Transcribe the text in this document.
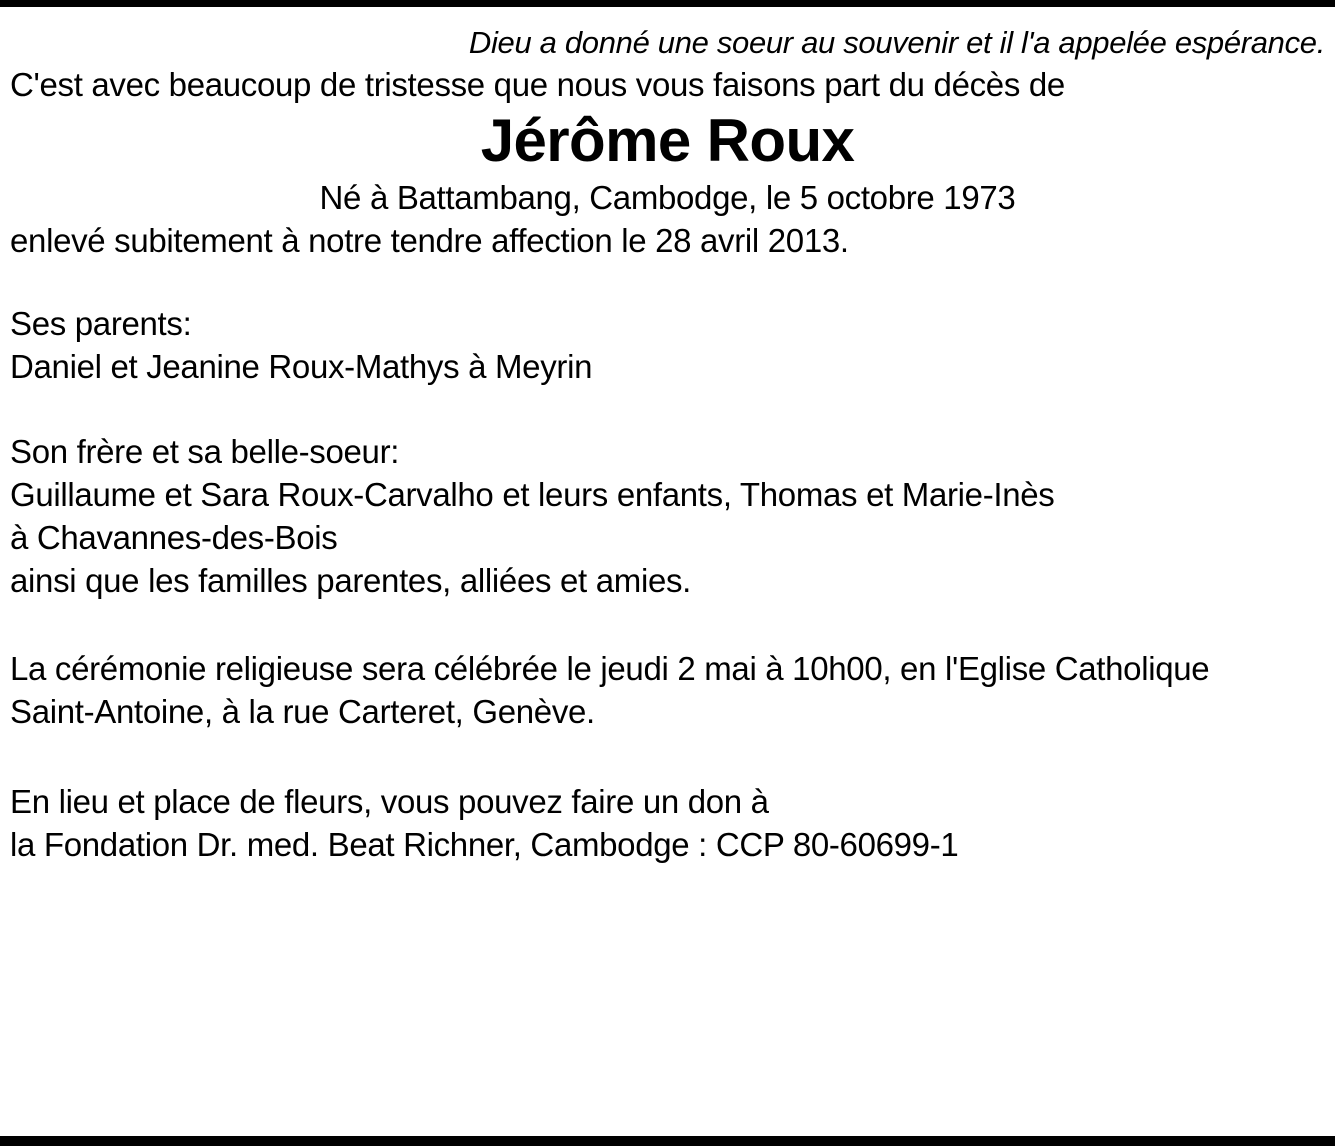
Dieu a donné une soeur au souvenir et il l'a appelée espérance.

C'est avec beaucoup de tristesse que nous vous faisons part du décès de

Jérôme Roux

Né à Battambang, Cambodge, le 5 octobre 1973

enlevé subitement à notre tendre affection le 28 avril 2013.

Ses parents:

Daniel et Jeanine Roux-Mathys à Meyrin

Son frère et sa belle-soeur:

Guillaume et Sara Roux-Carvalho et leurs enfants, Thomas et Marie-Inès

à Chavannes-des-Bois

ainsi que les familles parentes, alliées et amies.

La cérémonie religieuse sera célébrée le jeudi 2 mai à 10h00, en l'Eglise Catholique

Saint-Antoine, à la rue Carteret, Genève.

En lieu et place de fleurs, vous pouvez faire un don à

la Fondation Dr. med. Beat Richner, Cambodge : CCP 80-60699-1
